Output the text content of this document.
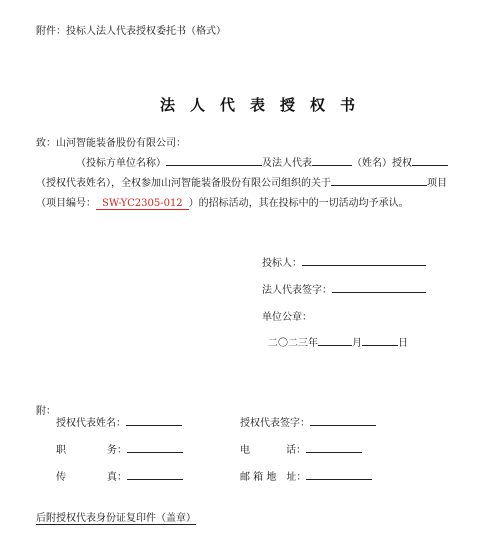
附件：投标人法人代表授权委托书（格式）
法 人 代 表 授 权 书
致：山河智能装备股份有限公司：
（投标方单位名称）	及法人代表	（姓名）授权
（授权代表姓名），全权参加山河智能装备股份有限公司组织的关于	项目
（项目编号： SW-YC2305-012 ）的招标活动，其在投标中的一切活动均予承认。
投标人：
法人代表签字：
单位公章：
二〇二三年	月	日
附：
授权代表姓名：	授权代表签字：
职	务：	电	话：
传	真：	邮 箱 地　址：
后附授权代表身份证复印件（盖章）
